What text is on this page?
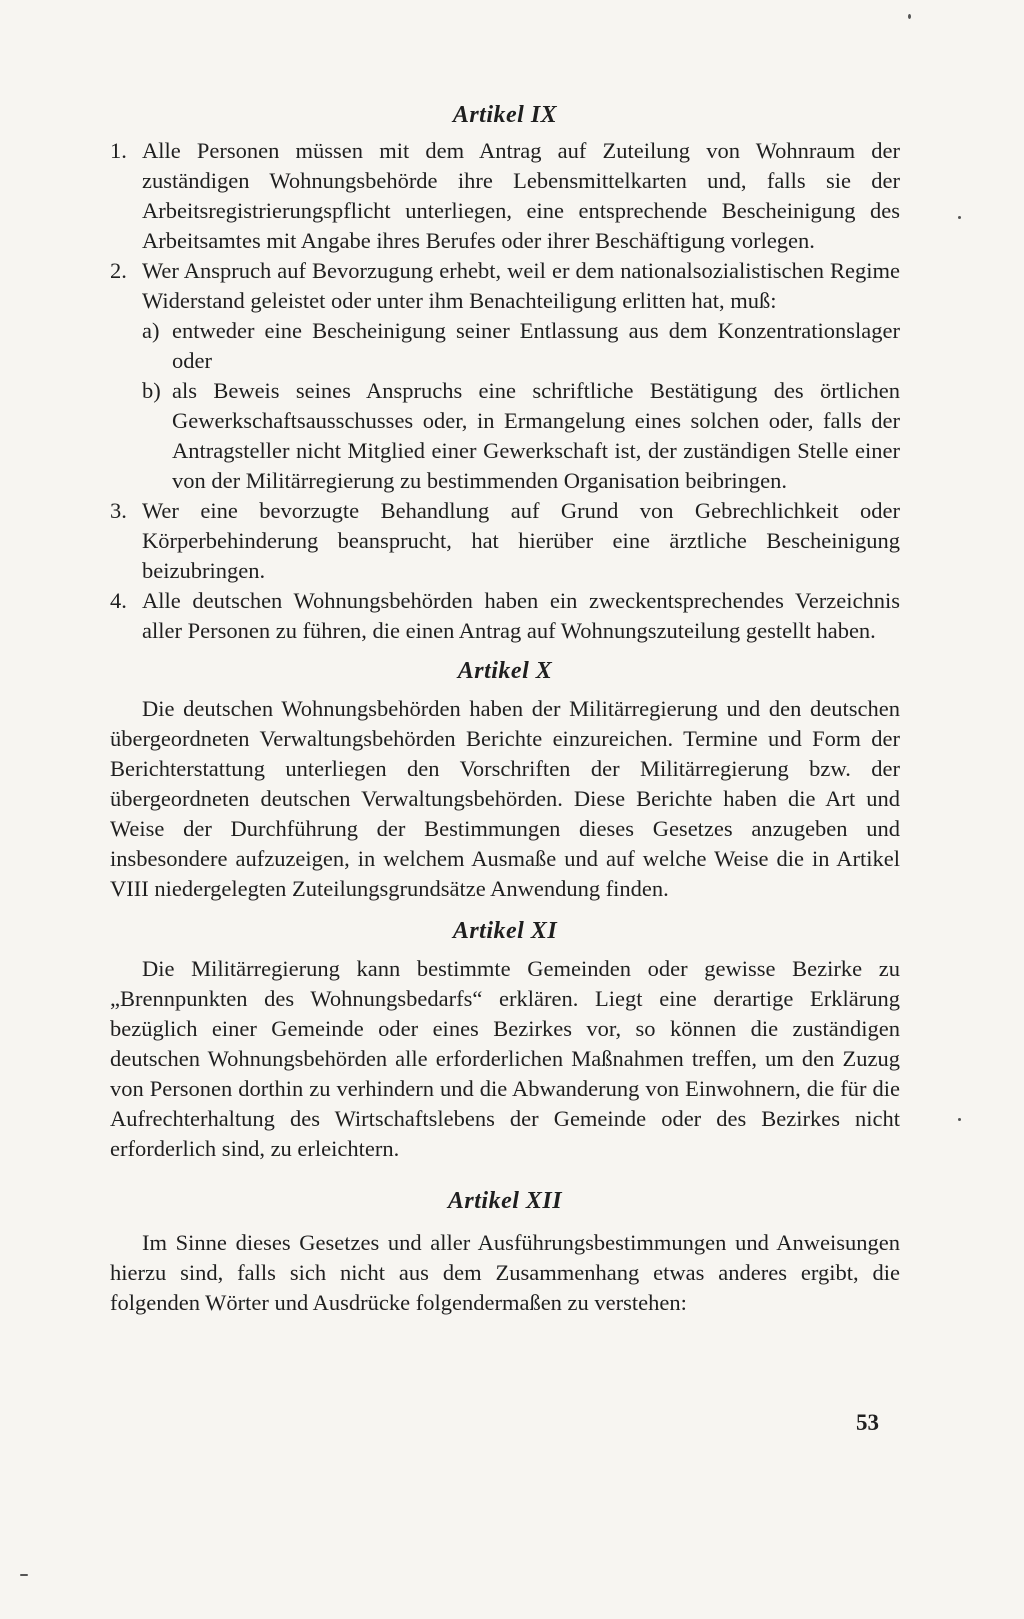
Artikel IX
1. Alle Personen müssen mit dem Antrag auf Zuteilung von Wohnraum der zuständigen Wohnungsbehörde ihre Lebensmittelkarten und, falls sie der Arbeitsregistrierungspflicht unterliegen, eine entsprechende Bescheinigung des Arbeitsamtes mit Angabe ihres Berufes oder ihrer Beschäftigung vorlegen.
2. Wer Anspruch auf Bevorzugung erhebt, weil er dem nationalsozialistischen Regime Widerstand geleistet oder unter ihm Benachteiligung erlitten hat, muß:
a) entweder eine Bescheinigung seiner Entlassung aus dem Konzentrationslager oder
b) als Beweis seines Anspruchs eine schriftliche Bestätigung des örtlichen Gewerkschaftsausschusses oder, in Ermangelung eines solchen oder, falls der Antragsteller nicht Mitglied einer Gewerkschaft ist, der zuständigen Stelle einer von der Militärregierung zu bestimmenden Organisation beibringen.
3. Wer eine bevorzugte Behandlung auf Grund von Gebrechlichkeit oder Körperbehinderung beansprucht, hat hierüber eine ärztliche Bescheinigung beizubringen.
4. Alle deutschen Wohnungsbehörden haben ein zweckentsprechendes Verzeichnis aller Personen zu führen, die einen Antrag auf Wohnungszuteilung gestellt haben.
Artikel X

Die deutschen Wohnungsbehörden haben der Militärregierung und den deutschen übergeordneten Verwaltungsbehörden Berichte einzureichen. Termine und Form der Berichterstattung unterliegen den Vorschriften der Militärregierung bzw. der übergeordneten deutschen Verwaltungsbehörden. Diese Berichte haben die Art und Weise der Durchführung der Bestimmungen dieses Gesetzes anzugeben und insbesondere aufzuzeigen, in welchem Ausmaße und auf welche Weise die in Artikel VIII niedergelegten Zuteilungsgrundsätze Anwendung finden.

Artikel XI

Die Militärregierung kann bestimmte Gemeinden oder gewisse Bezirke zu „Brennpunkten des Wohnungsbedarfs“ erklären. Liegt eine derartige Erklärung bezüglich einer Gemeinde oder eines Bezirkes vor, so können die zuständigen deutschen Wohnungsbehörden alle erforderlichen Maßnahmen treffen, um den Zuzug von Personen dorthin zu verhindern und die Abwanderung von Einwohnern, die für die Aufrechterhaltung des Wirtschaftslebens der Gemeinde oder des Bezirkes nicht erforderlich sind, zu erleichtern.

Artikel XII

Im Sinne dieses Gesetzes und aller Ausführungsbestimmungen und Anweisungen hierzu sind, falls sich nicht aus dem Zusammenhang etwas anderes ergibt, die folgenden Wörter und Ausdrücke folgendermaßen zu verstehen:

53
